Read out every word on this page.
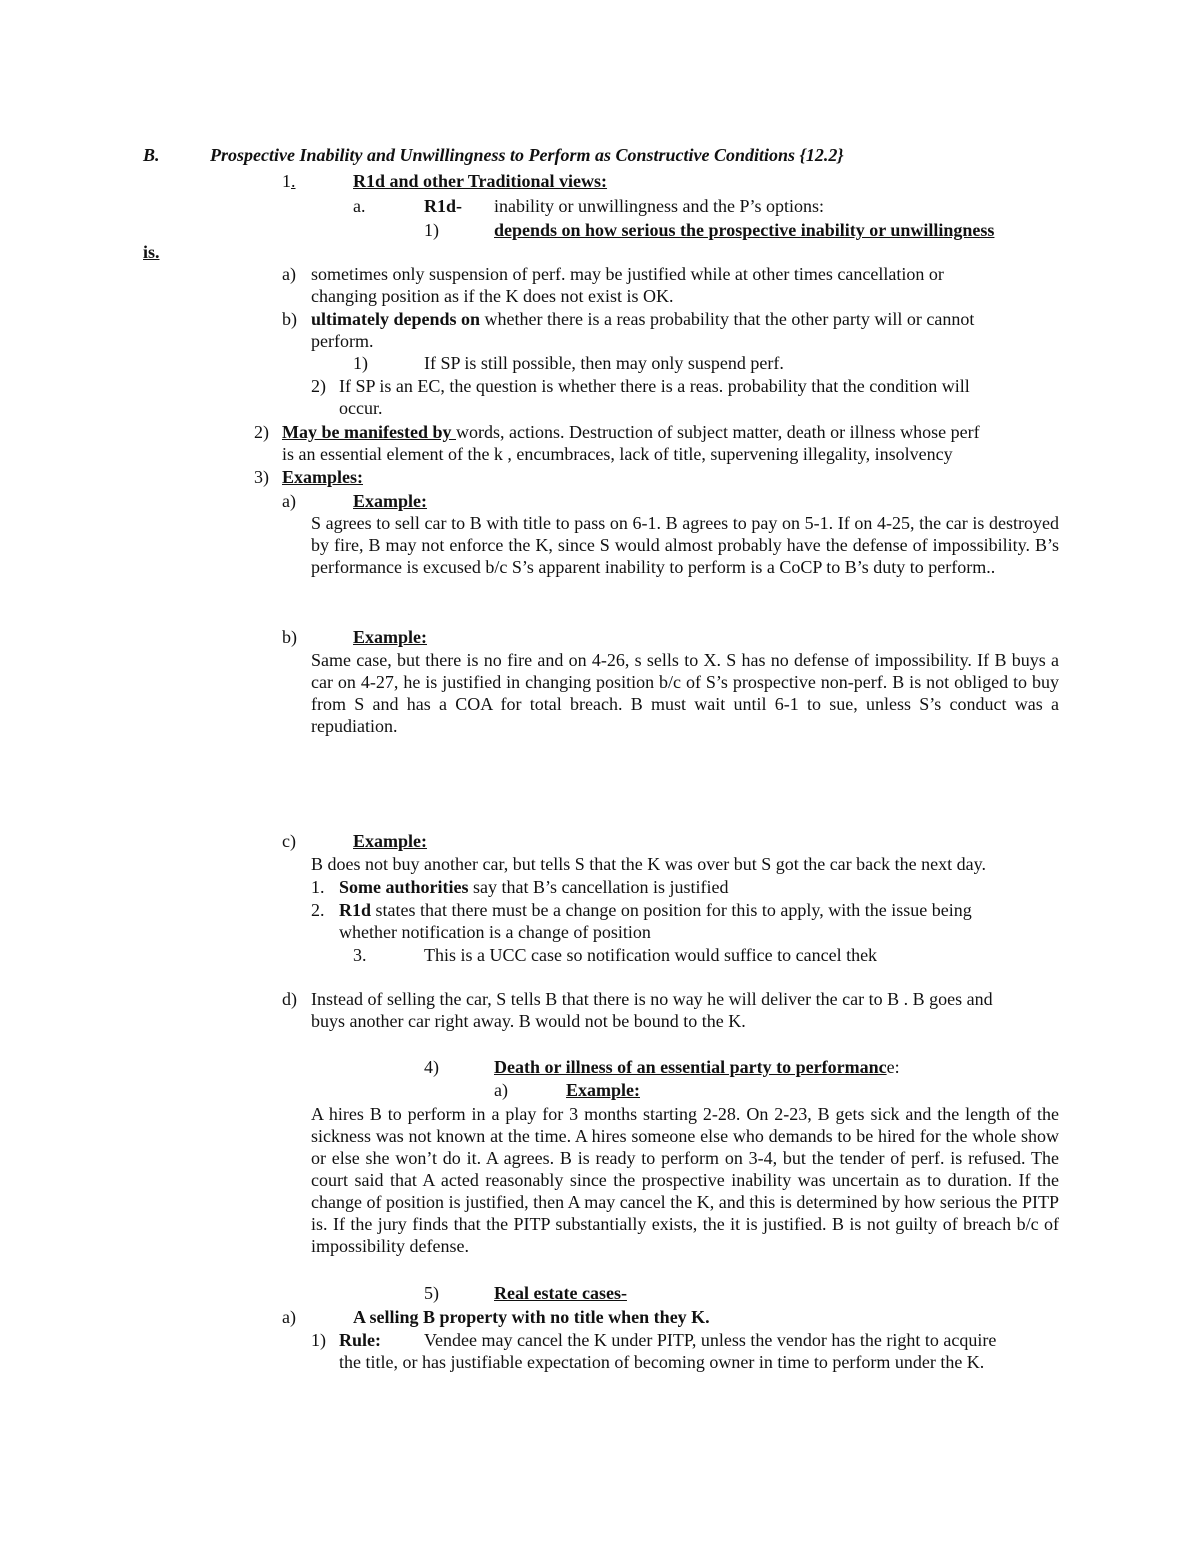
B.	Prospective Inability and Unwillingness to Perform as Constructive Conditions {12.2}
1.	R1d and other Traditional views:
a.	R1d- inability or unwillingness and the P’s options:
1)	depends on how serious the prospective inability or unwillingness
is.
a) sometimes only suspension of perf. may be justified while at other times cancellation or
changing position as if the K does not exist is OK.
b) ultimately depends on whether there is a reas probability that the other party will or cannot
perform.
1)	If SP is still possible, then may only suspend perf.
2) If SP is an EC, the question is whether there is a reas. probability that the condition will
occur.
2) May be manifested by words, actions. Destruction of subject matter, death or illness whose perf
is an essential element of the k , encumbraces, lack of title, supervening illegality, insolvency
3) Examples:
a)	Example:
S agrees to sell car to B with title to pass on 6-1. B agrees to pay on 5-1. If on 4-25, the car is destroyed by fire, B may not enforce the K, since S would almost probably have the defense of impossibility. B’s performance is excused b/c S’s apparent inability to perform is a CoCP to B’s duty to perform..
b)	Example:
Same case, but there is no fire and on 4-26, s sells to X. S has no defense of impossibility. If B buys a car on 4-27, he is justified in changing position b/c of S’s prospective non-perf. B is not obliged to buy from S and has a COA for total breach. B must wait until 6-1 to sue, unless S’s conduct was a repudiation.
c)	Example:
B does not buy another car, but tells S that the K was over but S got the car back the next day.
1. Some authorities say that B’s cancellation is justified
2. R1d states that there must be a change on position for this to apply, with the issue being
whether notification is a change of position
3.	This is a UCC case so notification would suffice to cancel thek
d) Instead of selling the car, S tells B that there is no way he will deliver the car to B . B goes and
buys another car right away. B would not be bound to the K.
4)	Death or illness of an essential party to performance:
a)	Example:
A hires B to perform in a play for 3 months starting 2-28. On 2-23, B gets sick and the length of the sickness was not known at the time. A hires someone else who demands to be hired for the whole show or else she won’t do it. A agrees. B is ready to perform on 3-4, but the tender of perf. is refused. The court said that A acted reasonably since the prospective inability was uncertain as to duration. If the change of position is justified, then A may cancel the K, and this is determined by how serious the PITP is. If the jury finds that the PITP substantially exists, the it is justified. B is not guilty of breach b/c of impossibility defense.
5)	Real estate cases-
a)	A selling B property with no title when they K.
1) Rule: Vendee may cancel the K under PITP, unless the vendor has the right to acquire
the title, or has justifiable expectation of becoming owner in time to perform under the K.
